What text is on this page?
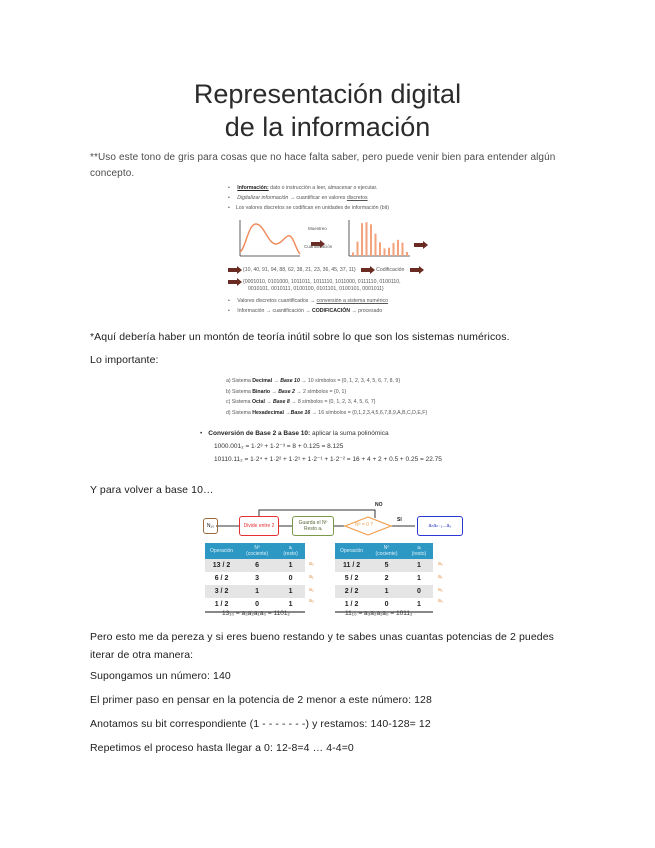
Representación digital
de la información
**Uso este tono de gris para cosas que no hace falta saber, pero puede venir bien para entender algún concepto.
• Información: dato o instrucción a leer, almacenar o ejecutar.
• Digitalizar información → cuantificar en valores discretos
• Los valores discretos se codifican en unidades de información (bit)
Muestreo
Cuantificación
{10, 40, 91, 94, 88, 62, 38, 21, 23, 36, 45, 37, 11}	Codificación
{0001010, 0101000, 1011011, 1011110, 1011000, 0111110, 0100110,
0010101, 0010111, 0100100, 0101101, 0100101, 0001011}
• Valores discretos cuantificados → conversión a sistema numérico
• Información → cuantificación → CODIFICACIÓN → procesado
*Aquí debería haber un montón de teoría inútil sobre lo que son los sistemas numéricos.
Lo importante:
a) Sistema Decimal → Base 10 → 10 símbolos = {0, 1, 2, 3, 4, 5, 6, 7, 8, 9}
b) Sistema Binario → Base 2 → 2 símbolos = {0, 1}
c) Sistema Octal → Base 8 → 8 símbolos = {0, 1, 2, 3, 4, 5, 6, 7}
d) Sistema Hexadecimal →Base 16 → 16 símbolos = {0,1,2,3,4,5,6,7,8,9,A,B,C,D,E,F}
• Conversión de Base 2 a Base 10: aplicar la suma polinómica
1000.001₂ = 1·2³ + 1·2⁻³ = 8 + 0.125 = 8.125
10110.11₂ = 1·2⁴ + 1·2² + 1·2¹ + 1·2⁻¹ + 1·2⁻² = 16 + 4 + 2 + 0.5 + 0.25 = 22.75
Y para volver a base 10…
N₁₀	Divide entre 2	Guarda el Nº Resto aᵢ
Nº = 0 ?
NO
SI
aₙaₙ₋₁...a₀
Operación	Nº (cociente)	aᵢ (resto)
13 / 2	6	1
6 / 2	3	0
3 / 2	1	1
1 / 2	0	1
a₀
a₁
a₂
a₃
13₁₀ = a₃a₂a₁a₀ = 1101₂
Operación	Nº (cociente)	aᵢ (resto)
11 / 2	5	1
5 / 2	2	1
2 / 2	1	0
1 / 2	0	1
a₀
a₁
a₂
a₃
11₁₀ = a₃a₂a₁a₀ = 1011₂
Pero esto me da pereza y si eres bueno restando y te sabes unas cuantas potencias de 2 puedes iterar de otra manera:
Supongamos un número: 140
El primer paso en pensar en la potencia de 2 menor a este número: 128
Anotamos su bit correspondiente (1 - - - - - - -) y restamos: 140-128= 12
Repetimos el proceso hasta llegar a 0: 12-8=4 … 4-4=0
